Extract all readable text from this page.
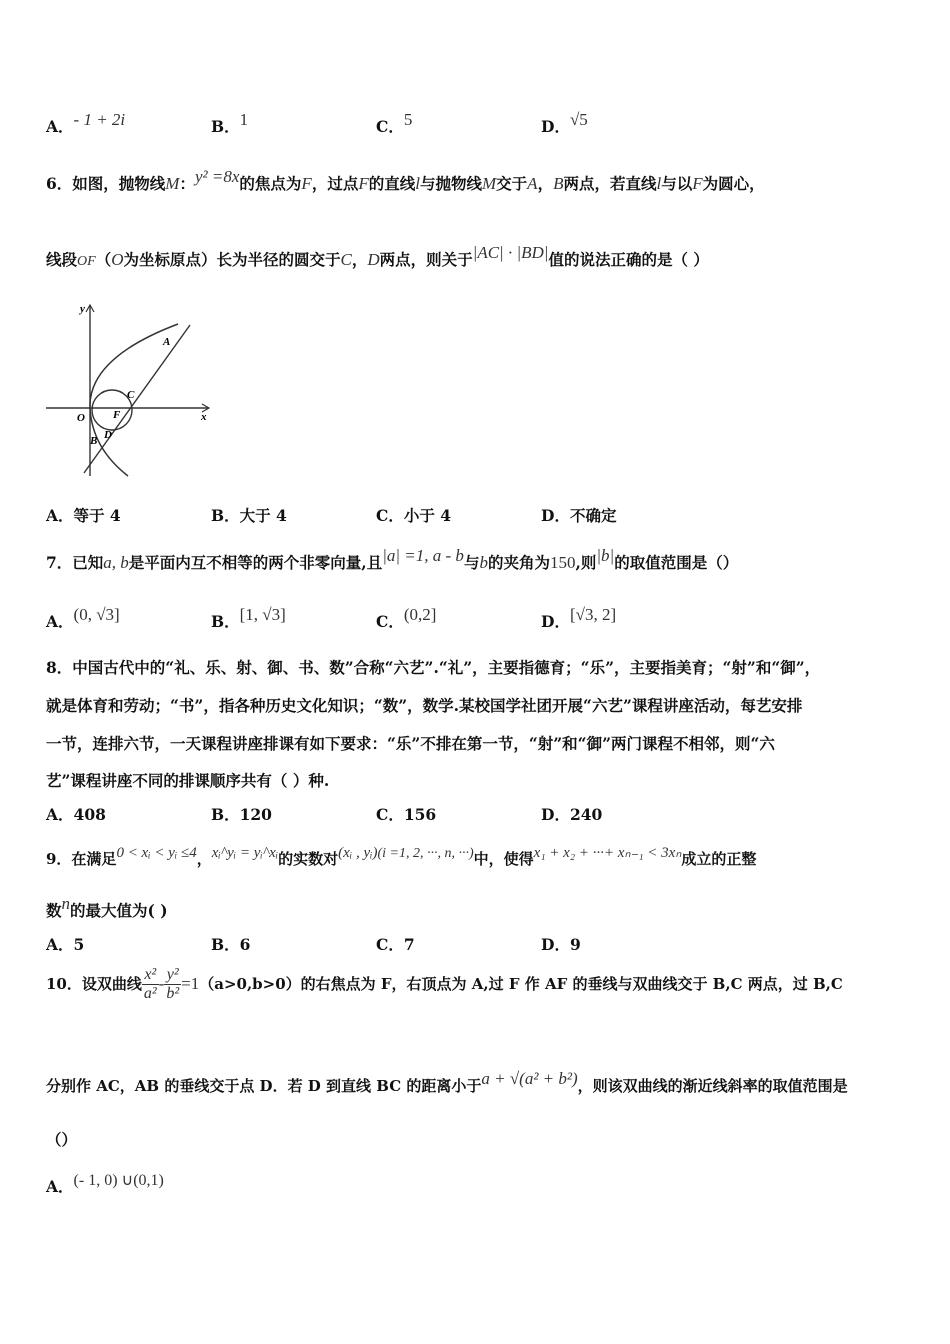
A．- 1 + 2i	B．1	C．5	D．√5
6．如图，抛物线M：y² =8x的焦点为F，过点F的直线l与抛物线M交于A，B两点，若直线l与以F为圆心，
线段OF（O为坐标原点）长为半径的圆交于C，D两点，则关于|AC| · |BD|值的说法正确的是（ ）
y
x
O	F
A
C
D
B
A．等于 4	B．大于 4	C．小于 4	D．不确定
7．已知a, b是平面内互不相等的两个非零向量,且|a| =1, a - b与b的夹角为150,则|b|的取值范围是（）
A．(0, √3]	B．[1, √3]	C．(0,2]	D．[√3, 2]
8．中国古代中的“礼、乐、射、御、书、数”合称“六艺”.“礼”，主要指德育；“乐”，主要指美育；“射”和“御”，
就是体育和劳动；“书”，指各种历史文化知识；“数”，数学.某校国学社团开展“六艺”课程讲座活动，每艺安排
一节，连排六节，一天课程讲座排课有如下要求：“乐”不排在第一节，“射”和“御”两门课程不相邻，则“六
艺”课程讲座不同的排课顺序共有（ ）种.
A．408	B．120	C．156	D．240
9．在满足0 < xᵢ < yᵢ ≤4，xᵢ^yᵢ = yᵢ^xᵢ的实数对(xᵢ , yᵢ)(i =1, 2, ···, n, ···)中，使得x₁ + x₂ + ···+ xₙ₋₁ < 3xₙ成立的正整
数n的最大值为( )
A．5	B．6	C．7	D．9
10．设双曲线 $\frac{\text{x²}}{\text{a²}} - \frac{\text{y²}}{\text{b²}} =1(a>0,b>0)$的右焦点为 F，右顶点为 A,过 F 作 AF 的垂线与双曲线交于 B,C 两点，过 B,C
分别作 AC，AB 的垂线交于点 D．若 D 到直线 BC 的距离小于a + √(a² + b²)，则该双曲线的渐近线斜率的取值范围是
（）
A．(- 1, 0) ∪(0,1)
